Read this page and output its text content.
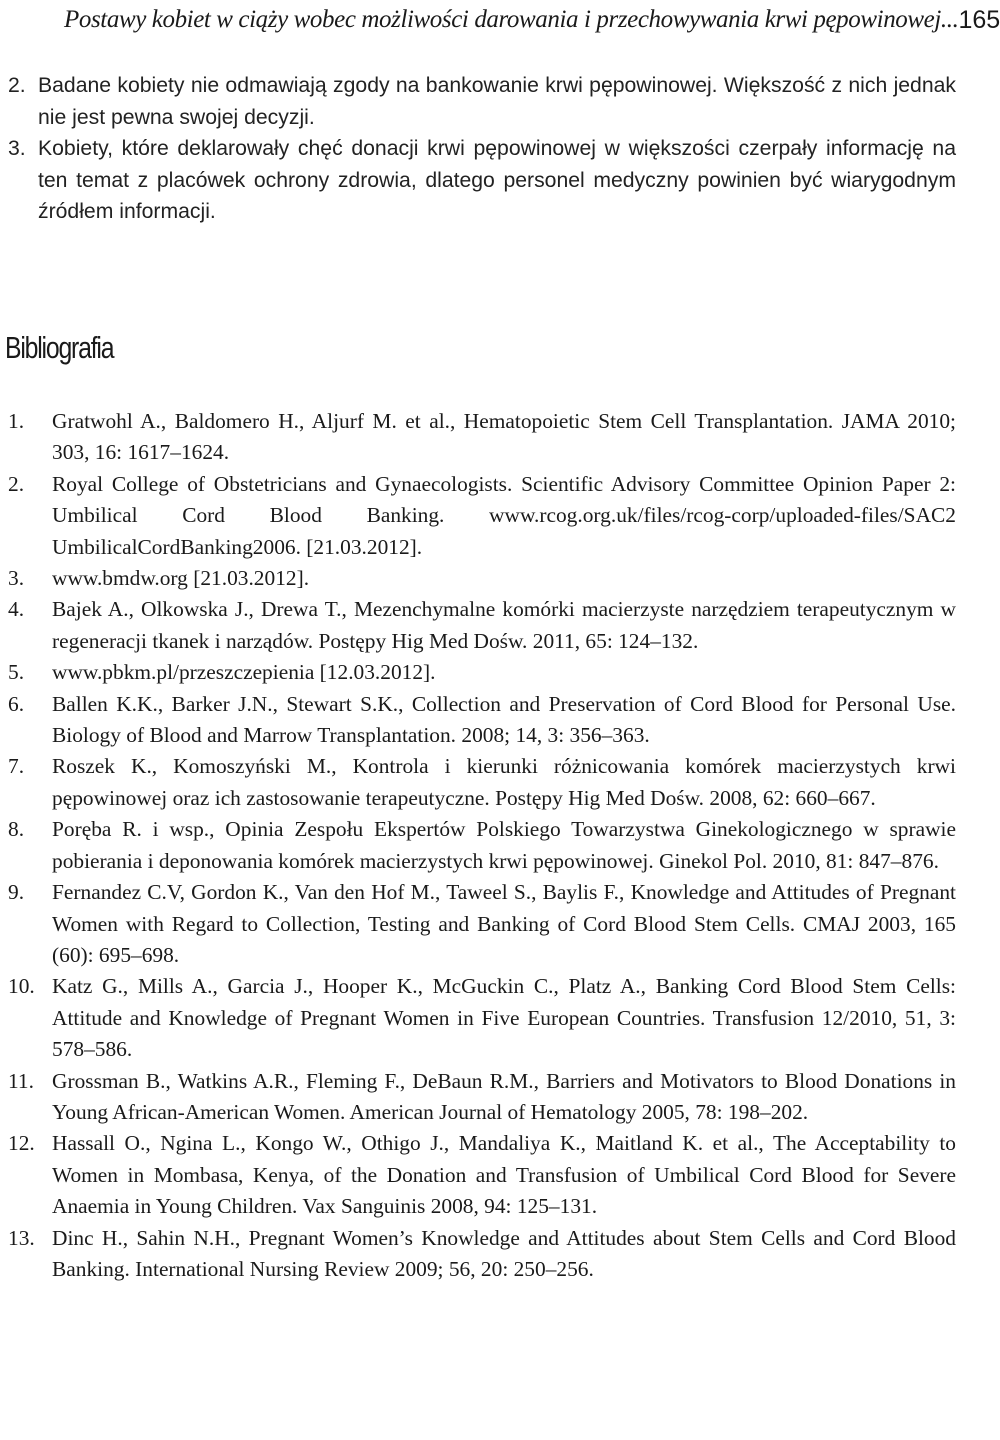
Postawy kobiet w ciąży wobec możliwości darowania i przechowywania krwi pępowinowej... 165
2. Badane kobiety nie odmawiają zgody na bankowanie krwi pępowinowej. Większość z nich jednak nie jest pewna swojej decyzji.
3. Kobiety, które deklarowały chęć donacji krwi pępowinowej w większości czerpały informację na ten temat z placówek ochrony zdrowia, dlatego personel medyczny powinien być wiarygodnym źródłem informacji.
Bibliografia
1.	Gratwohl A., Baldomero H., Aljurf M. et al., Hematopoietic Stem Cell Transplantation. JAMA 2010; 303, 16: 1617–1624.
2.	Royal College of Obstetricians and Gynaecologists. Scientific Advisory Committee Opinion Paper 2: Umbilical Cord Blood Banking. www.rcog.org.uk/files/rcog-corp/uploaded-files/SAC2 UmbilicalCordBanking2006. [21.03.2012].
3.	www.bmdw.org [21.03.2012].
4.	Bajek A., Olkowska J., Drewa T., Mezenchymalne komórki macierzyste narzędziem terapeutycznym w regeneracji tkanek i narządów. Postępy Hig Med Dośw. 2011, 65: 124–132.
5.	www.pbkm.pl/przeszczepienia [12.03.2012].
6.	Ballen K.K., Barker J.N., Stewart S.K., Collection and Preservation of Cord Blood for Personal Use. Biology of Blood and Marrow Transplantation. 2008; 14, 3: 356–363.
7.	Roszek K., Komoszyński M., Kontrola i kierunki różnicowania komórek macierzystych krwi pępowinowej oraz ich zastosowanie terapeutyczne. Postępy Hig Med Dośw. 2008, 62: 660–667.
8.	Poręba R. i wsp., Opinia Zespołu Ekspertów Polskiego Towarzystwa Ginekologicznego w sprawie pobierania i deponowania komórek macierzystych krwi pępowinowej. Ginekol Pol. 2010, 81: 847–876.
9.	Fernandez C.V, Gordon K., Van den Hof M., Taweel S., Baylis F., Knowledge and Attitudes of Pregnant Women with Regard to Collection, Testing and Banking of Cord Blood Stem Cells. CMAJ 2003, 165 (60): 695–698.
10. Katz G., Mills A., Garcia J., Hooper K., McGuckin C., Platz A., Banking Cord Blood Stem Cells: Attitude and Knowledge of Pregnant Women in Five European Countries. Transfusion 12/2010, 51, 3: 578–586.
11. Grossman B., Watkins A.R., Fleming F., DeBaun R.M., Barriers and Motivators to Blood Donations in Young African-American Women. American Journal of Hematology 2005, 78: 198–202.
12. Hassall O., Ngina L., Kongo W., Othigo J., Mandaliya K., Maitland K. et al., The Acceptability to Women in Mombasa, Kenya, of the Donation and Transfusion of Umbilical Cord Blood for Severe Anaemia in Young Children. Vax Sanguinis 2008, 94: 125–131.
13. Dinc H., Sahin N.H., Pregnant Women’s Knowledge and Attitudes about Stem Cells and Cord Blood Banking. International Nursing Review 2009; 56, 20: 250–256.
